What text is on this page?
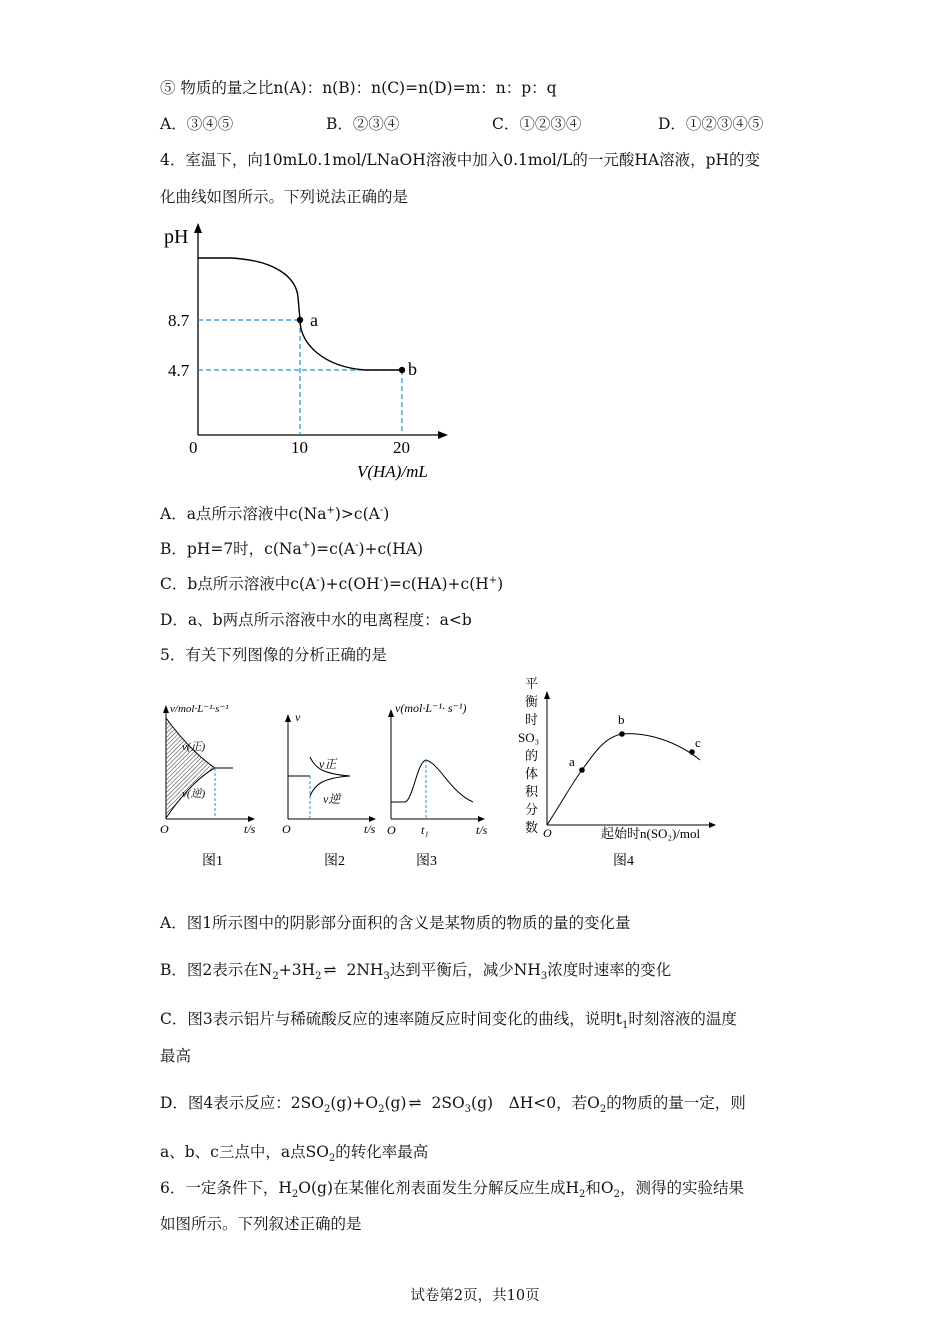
⑤ 物质的量之比n(A)：n(B)：n(C)=n(D)=m：n：p：q
A．③④⑤	B．②③④	C．①②③④	D．①②③④⑤
4．室温下，向10mL0.1mol/LNaOH溶液中加入0.1mol/L的一元酸HA溶液，pH的变
化曲线如图所示。下列说法正确的是
a
b
pH
8.7
4.7
0	10	20
V(HA)/mL
A．a点所示溶液中c(Na+)>c(A-)
B．pH=7时，c(Na+)=c(A-)+c(HA)
C．b点所示溶液中c(A-)+c(OH-)=c(HA)+c(H+)
D．a、b两点所示溶液中水的电离程度：a<b
5．有关下列图像的分析正确的是
v/mol·L⁻¹·s⁻¹
v(正)
v(逆)
O	t/s
v
v正
v逆
O	t/s
v(mol·L⁻¹· s⁻¹)
O t₁	t/s
a
b
c
平
衡
时
SO₃
的
体
积
分
数 O	起始时n(SO₂)/mol
图1	图2	图3	图4
A．图1所示图中的阴影部分面积的含义是某物质的物质的量的变化量
B．图2表示在$N_2+3H_2$ ⇌ $2NH_3$达到平衡后，减少$NH_3$浓度时速率的变化
C．图3表示铝片与稀硫酸反应的速率随反应时间变化的曲线，说明$t_1$时刻溶液的温度
最高
D．图4表示反应：$2SO_2(g)+O_2(g)$ ⇌ $2SO_3(g)$　ΔH<0，若$O_2$的物质的量一定，则
a、b、c三点中，a点$SO_2$的转化率最高
6．一定条件下，$H_2O(g)$在某催化剂表面发生分解反应生成$H_2$和$O_2$，测得的实验结果
如图所示。下列叙述正确的是
试卷第2页，共10页
